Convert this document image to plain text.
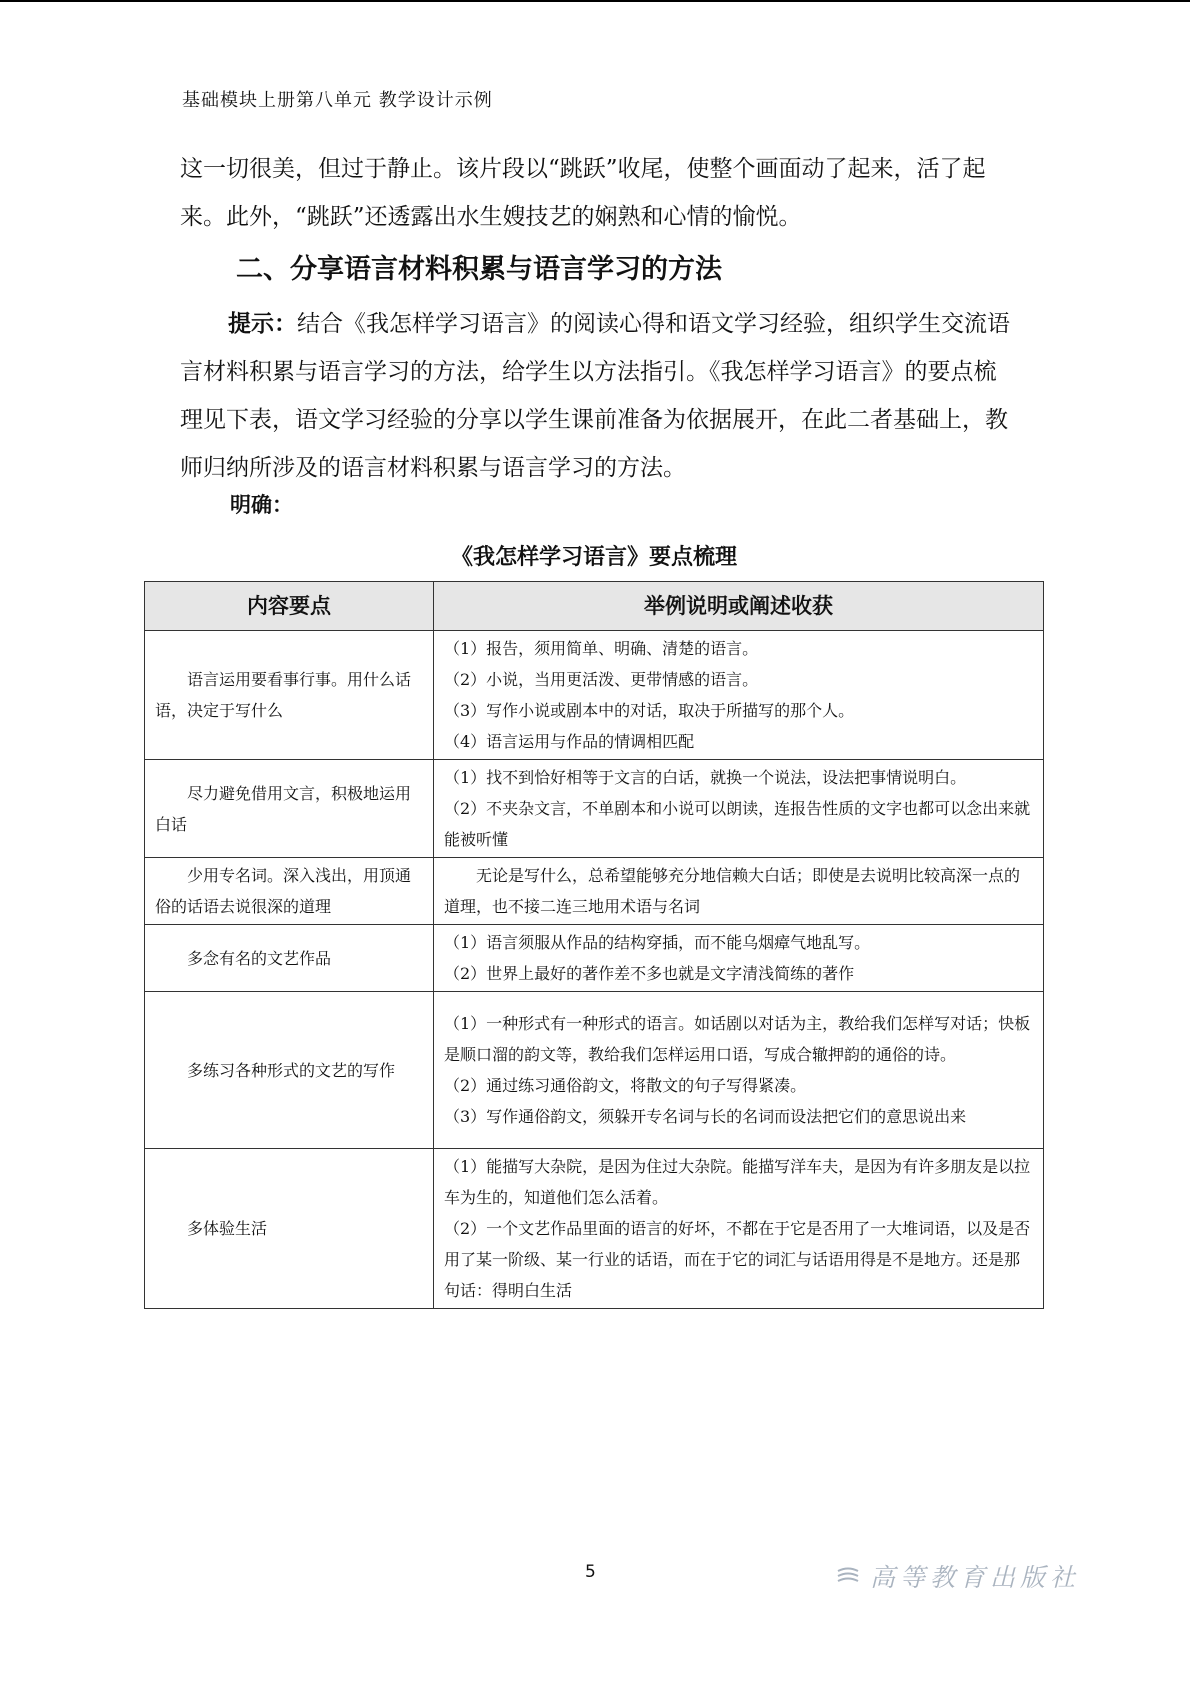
基础模块上册第八单元 教学设计示例
这一切很美，但过于静止。该片段以“跳跃”收尾，使整个画面动了起来，活了起来。此外，“跳跃”还透露出水生嫂技艺的娴熟和心情的愉悦。
二、分享语言材料积累与语言学习的方法
提示：结合《我怎样学习语言》的阅读心得和语文学习经验，组织学生交流语言材料积累与语言学习的方法，给学生以方法指引。《我怎样学习语言》的要点梳理见下表，语文学习经验的分享以学生课前准备为依据展开，在此二者基础上，教师归纳所涉及的语言材料积累与语言学习的方法。
明确：
《我怎样学习语言》要点梳理
内容要点	举例说明或阐述收获
语言运用要看事行事。用什么话语，决定于写什么	（1）报告，须用简单、明确、清楚的语言。
（2）小说，当用更活泼、更带情感的语言。
（3）写作小说或剧本中的对话，取决于所描写的那个人。
（4）语言运用与作品的情调相匹配

尽力避免借用文言，积极地运用白话	（1）找不到恰好相等于文言的白话，就换一个说法，设法把事情说明白。
（2）不夹杂文言，不单剧本和小说可以朗读，连报告性质的文字也都可以念出来就能被听懂

少用专名词。深入浅出，用顶通俗的话语去说很深的道理	无论是写什么，总希望能够充分地信赖大白话；即使是去说明比较高深一点的道理，也不接二连三地用术语与名词
多念有名的文艺作品	（1）语言须服从作品的结构穿插，而不能乌烟瘴气地乱写。
（2）世界上最好的著作差不多也就是文字清浅简练的著作

多练习各种形式的文艺的写作	（1）一种形式有一种形式的语言。如话剧以对话为主，教给我们怎样写对话；快板是顺口溜的韵文等，教给我们怎样运用口语，写成合辙押韵的通俗的诗。
（2）通过练习通俗韵文，将散文的句子写得紧凑。
（3）写作通俗韵文，须躲开专名词与长的名词而设法把它们的意思说出来

多体验生活	（1）能描写大杂院，是因为住过大杂院。能描写洋车夫，是因为有许多朋友是以拉车为生的，知道他们怎么活着。
（2）一个文艺作品里面的语言的好坏，不都在于它是否用了一大堆词语，以及是否用了某一阶级、某一行业的话语，而在于它的词汇与话语用得是不是地方。还是那句话：得明白生活
5	高等教育出版社
